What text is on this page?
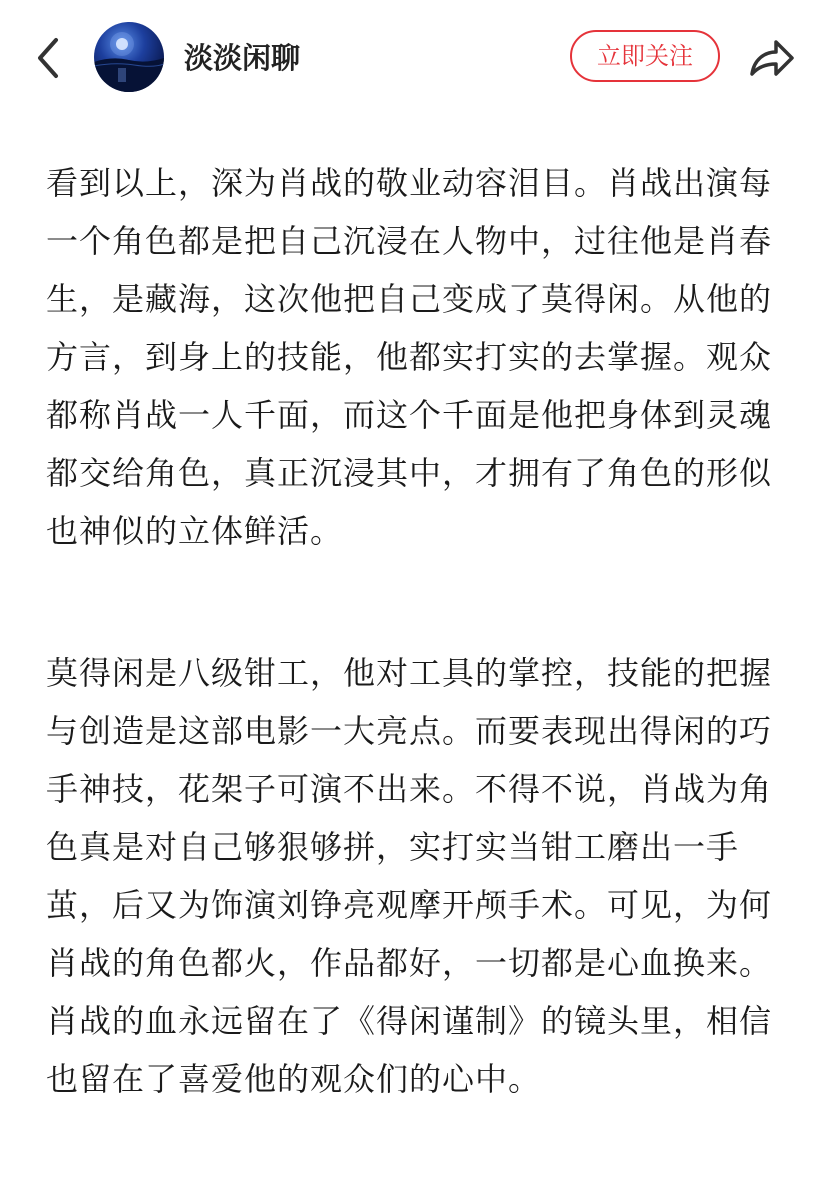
淡淡闲聊	立即关注

看到以上，深为肖战的敬业动容泪目。肖战出演每一个角色都是把自己沉浸在人物中，过往他是肖春生，是藏海，这次他把自己变成了莫得闲。从他的方言，到身上的技能，他都实打实的去掌握。观众都称肖战一人千面，而这个千面是他把身体到灵魂都交给角色，真正沉浸其中，才拥有了角色的形似也神似的立体鲜活。

莫得闲是八级钳工，他对工具的掌控，技能的把握与创造是这部电影一大亮点。而要表现出得闲的巧手神技，花架子可演不出来。不得不说，肖战为角色真是对自己够狠够拼，实打实当钳工磨出一手茧，后又为饰演刘铮亮观摩开颅手术。可见，为何肖战的角色都火，作品都好，一切都是心血换来。肖战的血永远留在了《得闲谨制》的镜头里，相信也留在了喜爱他的观众们的心中。
